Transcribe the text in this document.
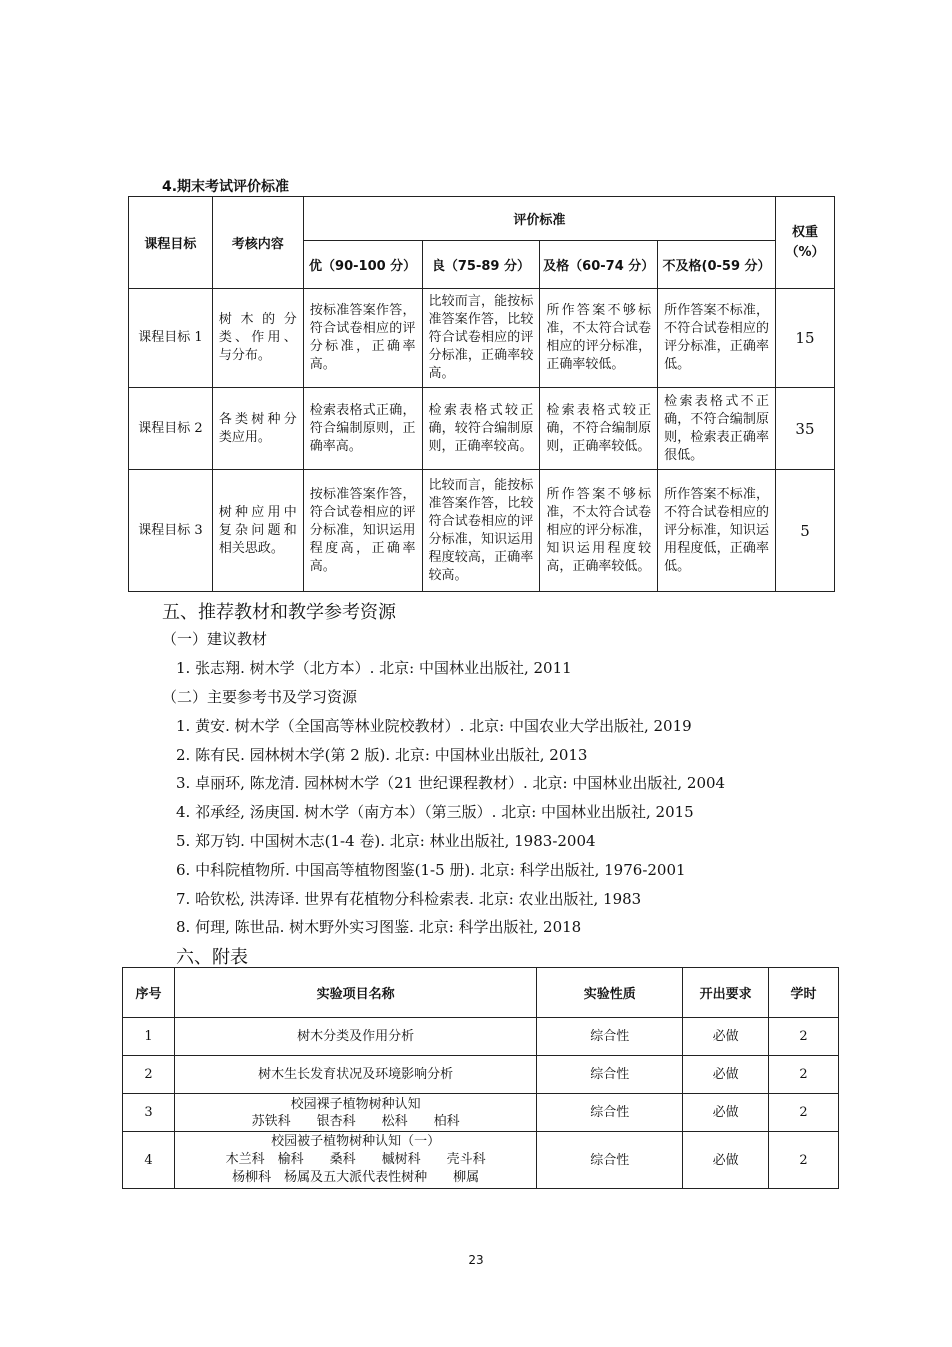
4.期末考试评价标准
课程目标	考核内容	评价标准				权重（%）
		优（90-100 分）	良（75-89 分）	及格（60-74 分）	不及格(0-59 分）	
课程目标 1	树木的分类、作用、与分布。	按标准答案作答，符合试卷相应的评分标准，正确率高。	比较而言，能按标准答案作答，比较符合试卷相应的评分标准，正确率较高。	所作答案不够标准，不太符合试卷相应的评分标准，正确率较低。	所作答案不标准，不符合试卷相应的评分标准，正确率低。	15
课程目标 2	各类树种分类应用。	检索表格式正确，符合编制原则，正确率高。	检索表格式较正确，较符合编制原则，正确率较高。	检索表格式较正确，不符合编制原则，正确率较低。	检索表格式不正确，不符合编制原则，检索表正确率很低。	35
课程目标 3	树种应用中复杂问题和相关思政。	按标准答案作答，符合试卷相应的评分标准，知识运用程度高，正确率高。	比较而言，能按标准答案作答，比较符合试卷相应的评分标准，知识运用程度较高，正确率较高。	所作答案不够标准，不太符合试卷相应的评分标准，知识运用程度较高，正确率较低。	所作答案不标准，不符合试卷相应的评分标准，知识运用程度低，正确率低。	5
五、推荐教材和教学参考资源
（一）建议教材
1. 张志翔. 树木学（北方本）. 北京: 中国林业出版社, 2011
（二）主要参考书及学习资源
1. 黄安. 树木学（全国高等林业院校教材）. 北京: 中国农业大学出版社, 2019
2. 陈有民. 园林树木学(第 2 版). 北京: 中国林业出版社, 2013
3. 卓丽环, 陈龙清. 园林树木学（21 世纪课程教材）. 北京: 中国林业出版社, 2004
4. 祁承经, 汤庚国. 树木学（南方本）（第三版）. 北京: 中国林业出版社, 2015
5. 郑万钧. 中国树木志(1-4 卷). 北京: 林业出版社, 1983-2004
6. 中科院植物所. 中国高等植物图鉴(1-5 册). 北京: 科学出版社, 1976-2001
7. 哈钦松, 洪涛译. 世界有花植物分科检索表. 北京: 农业出版社, 1983
8. 何理, 陈世品. 树木野外实习图鉴. 北京: 科学出版社, 2018
六、附表
序号	实验项目名称	实验性质	开出要求	学时
1	树木分类及作用分析	综合性	必做	2
2	树木生长发育状况及环境影响分析	综合性	必做	2
3	校园裸子植物树种认知
苏铁科　　银杏科　　松科　　柏科	综合性	必做	2
4	校园被子植物树种认知（一）
木兰科　榆科　　桑科　　槭树科　　壳斗科
杨柳科　杨属及五大派代表性树种　　柳属	综合性	必做	2
23
